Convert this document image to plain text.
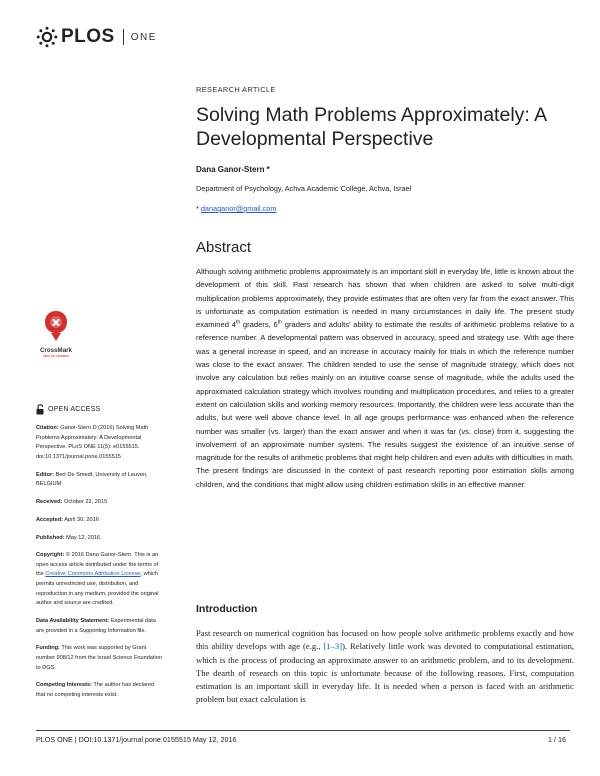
PLOS ONE
RESEARCH ARTICLE
Solving Math Problems Approximately: A Developmental Perspective
Dana Ganor-Stern *
Department of Psychology, Achva Academic College, Achva, Israel
* danaganor@gmail.com
Abstract
Although solving arithmetic problems approximately is an important skill in everyday life, little is known about the development of this skill. Past research has shown that when children are asked to solve multi-digit multiplication problems approximately, they provide estimates that are often very far from the exact answer. This is unfortunate as computation estimation is needed in many circumstances in daily life. The present study examined 4th graders, 6th graders and adults’ ability to estimate the results of arithmetic problems relative to a reference number. A developmental pattern was observed in accuracy, speed and strategy use. With age there was a general increase in speed, and an increase in accuracy mainly for trials in which the reference number was close to the exact answer. The children tended to use the sense of magnitude strategy, which does not involve any calculation but relies mainly on an intuitive coarse sense of magnitude, while the adults used the approximated calculation strategy which involves rounding and multiplication procedures, and relies to a greater extent on calculation skills and working memory resources. Importantly, the children were less accurate than the adults, but were well above chance level. In all age groups performance was enhanced when the reference number was smaller (vs. larger) than the exact answer and when it was far (vs. close) from it, suggesting the involvement of an approximate number system. The results suggest the existence of an intuitive sense of magnitude for the results of arithmetic problems that might help children and even adults with difficulties in math. The present findings are discussed in the context of past research reporting poor estimation skills among children, and the conditions that might allow using children estimation skills in an effective manner.
CrossMark
click for updates
OPEN ACCESS

Citation: Ganor-Stern D (2016) Solving Math Problems Approximately: A Developmental Perspective. PLoS ONE 11(5): e0155515. doi:10.1371/journal.pone.0155515

Editor: Bert De Smedt, University of Leuven, BELGIUM

Received: October 22, 2015

Accepted: April 30, 2016

Published: May 12, 2016

Copyright: © 2016 Dana Ganor-Stern. This is an open access article distributed under the terms of the Creative Commons Attribution License, which permits unrestricted use, distribution, and reproduction in any medium, provided the original author and source are credited.

Data Availability Statement: Experimental data are provided in a Supporting Information file.

Funding: This work was supported by Grant number 908/12 from the Israel Science Foundation to DGS.

Competing Interests: The author has declared that no competing interests exist.

Introduction
Past research on numerical cognition has focused on how people solve arithmetic problems exactly and how this ability develops with age (e.g., [1–3]). Relatively little work was devoted to computational estimation, which is the process of producing an approximate answer to an arithmetic problem, and to its development. The dearth of research on this topic is unfortunate because of the following reasons. First, computation estimation is an important skill in everyday life. It is needed when a person is faced with an arithmetic problem but exact calculation is
PLOS ONE | DOI:10.1371/journal.pone.0155515 May 12, 2016	1 / 16
